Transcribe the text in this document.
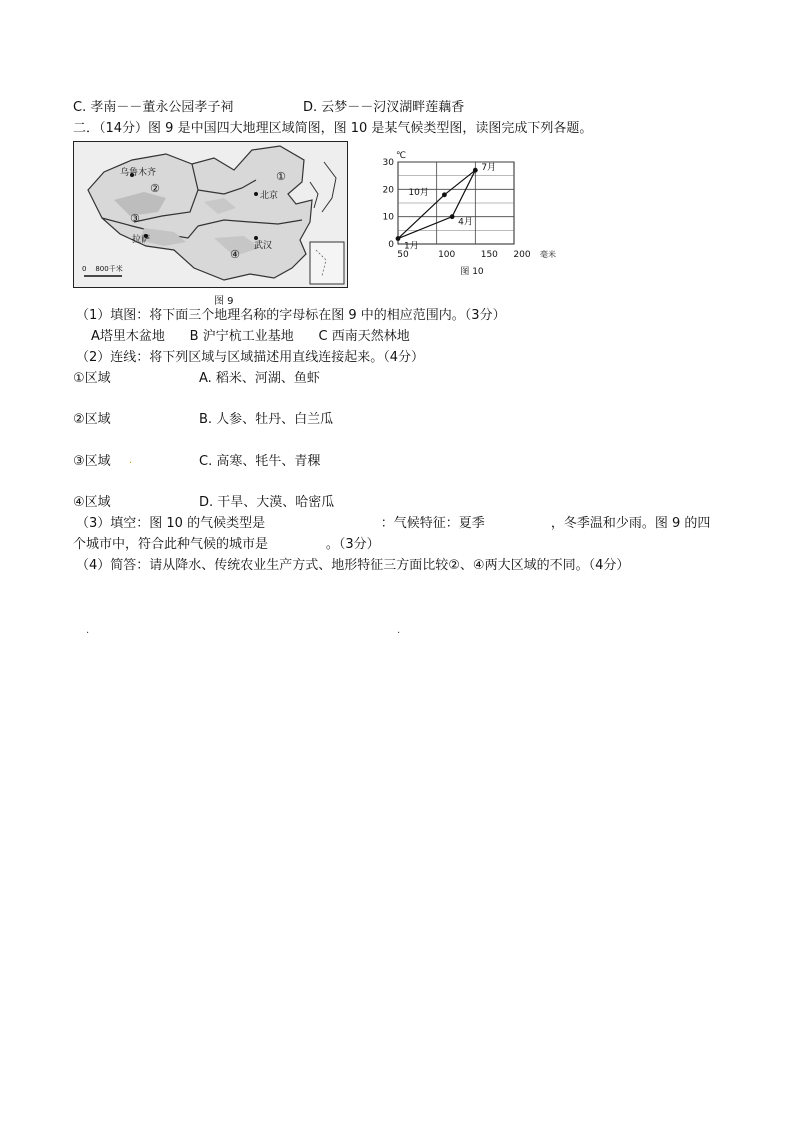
C. 孝南－－董永公园孝子祠	D. 云梦－－汈汊湖畔莲藕香
二．（14分）图 9 是中国四大地理区域简图，图 10 是某气候类型图，读图完成下列各题。
乌鲁木齐
②
①
北京
③
拉萨
④
武汉
0    800千米
图 9
0
10
20
30
50	100	150 200 毫米
℃
1月
4月
7月
10月
图 10
（1）填图：将下面三个地理名称的字母标在图 9 中的相应范围内。（3分）
A塔里木盆地      B 沪宁杭工业基地      C 西南天然林地
（2）连线：将下列区域与区域描述用直线连接起来。（4分）
①区域	A. 稻米、河湖、鱼虾
②区域	B. 人参、牡丹、白兰瓜
③区域 .	C. 高寒、牦牛、青稞
④区域	D. 干旱、大漠、哈密瓜
（3）填空：图 10 的气候类型是                            ：气候特征：夏季                ，冬季温和少雨。图 9 的四
个城市中，符合此种气候的城市是              。（3分）
（4）简答：请从降水、传统农业生产方式、地形特征三方面比较②、④两大区域的不同。（4分）
.	.
